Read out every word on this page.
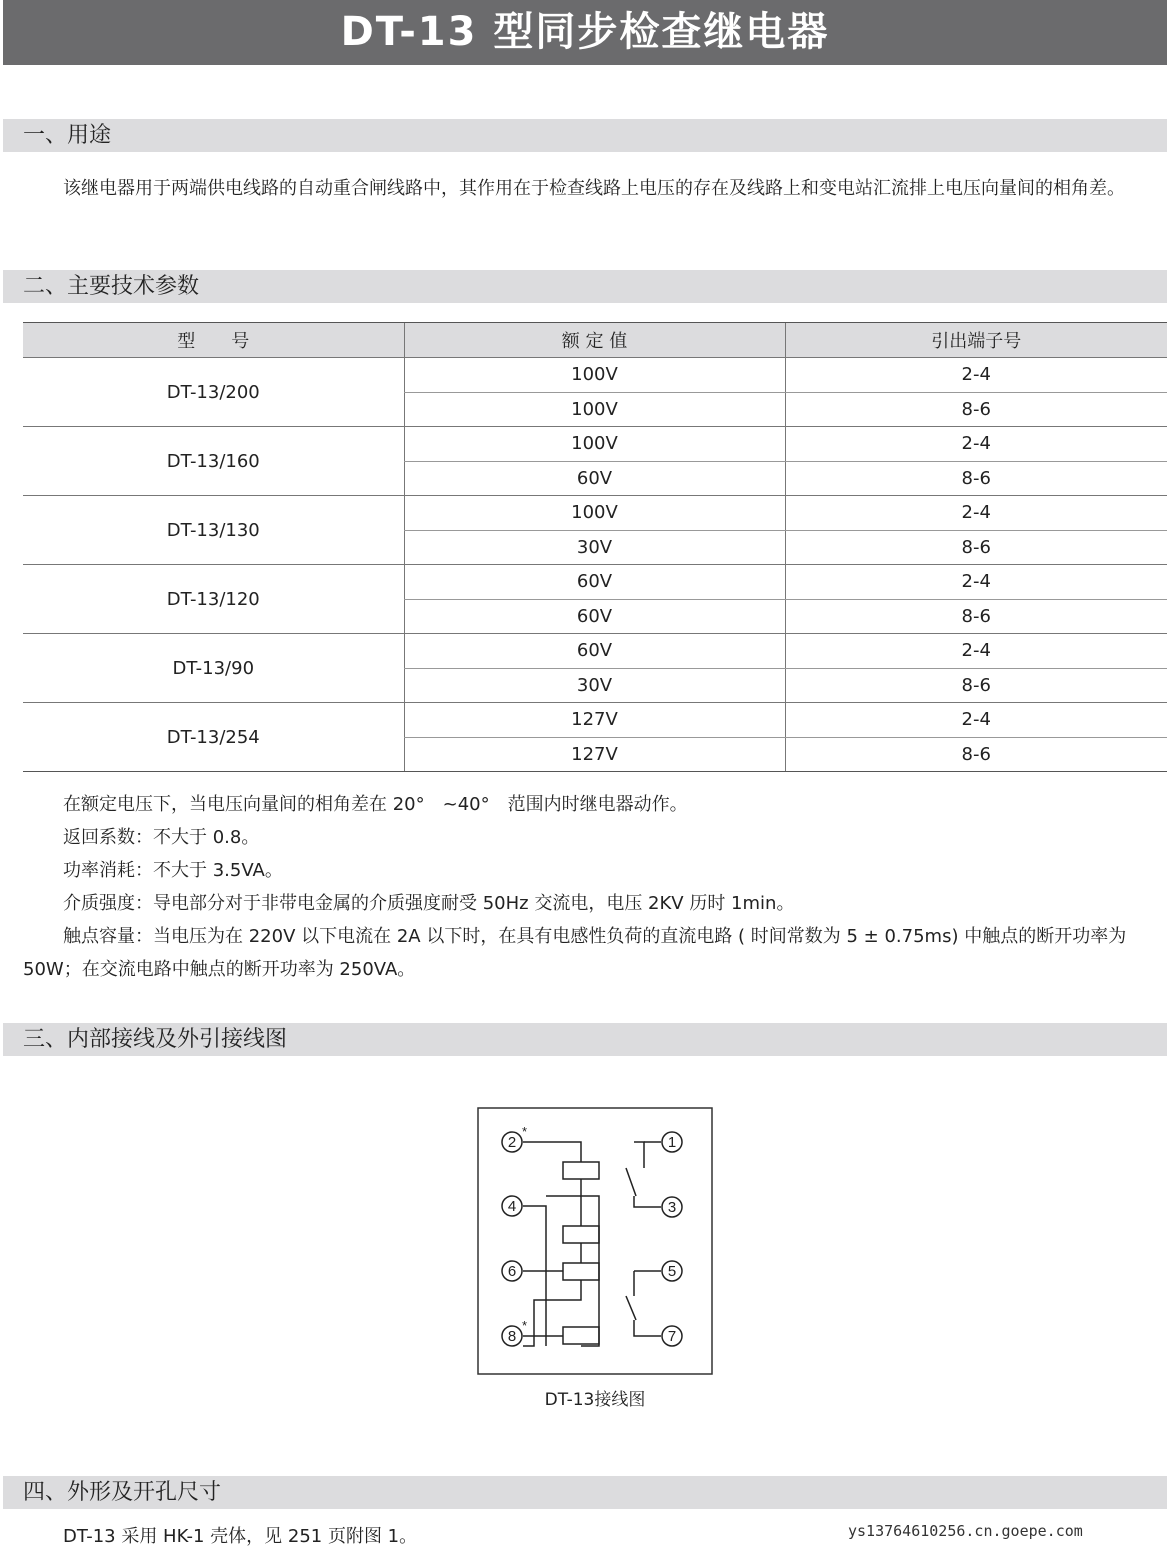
DT-13 型同步检查继电器
一、用途
该继电器用于两端供电线路的自动重合闸线路中，其作用在于检查线路上电压的存在及线路上和变电站汇流排上电压向量间的相角差。
二、主要技术参数
型　　号	额 定 值	引出端子号
DT-13/200	100V	2-4
	100V	8-6
DT-13/160	100V	2-4
	60V	8-6
DT-13/130	100V	2-4
	30V	8-6
DT-13/120	60V	2-4
	60V	8-6
DT-13/90	60V	2-4
	30V	8-6
DT-13/254	127V	2-4
	127V	8-6
在额定电压下，当电压向量间的相角差在 20°　~40°　范围内时继电器动作。
返回系数：不大于 0.8。
功率消耗：不大于 3.5VA。
介质强度：导电部分对于非带电金属的介质强度耐受 50Hz 交流电，电压 2KV 历时 1min。
触点容量：当电压为在 220V 以下电流在 2A 以下时，在具有电感性负荷的直流电路 ( 时间常数为 5 ± 0.75ms) 中触点的断开功率为 50W；在交流电路中触点的断开功率为 250VA。
三、内部接线及外引接线图
2
*
4
6
8
*
1
3
5
7
DT-13接线图
四、外形及开孔尺寸
DT-13 采用 HK-1 壳体，见 251 页附图 1。	ys13764610256.cn.goepe.com
